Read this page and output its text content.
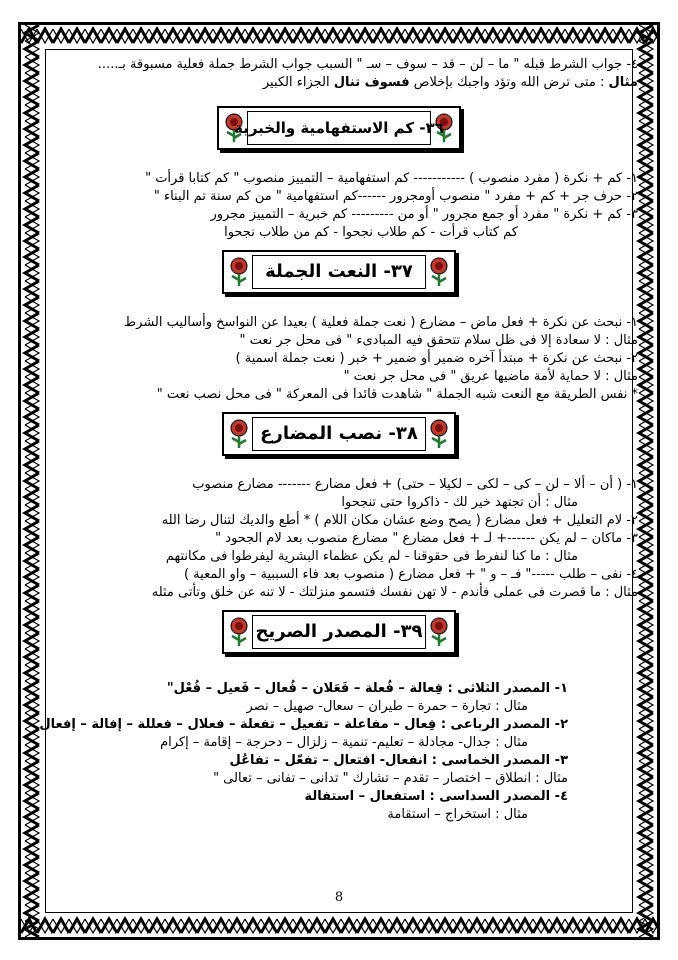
٤- جواب الشرط قبله " ما – لن – قد – سوف – سـ " السبب جواب الشرط جملة فعلية مسبوقة بـ.....
مثال : متى ترض الله وتؤد واجبك بإخلاص فسوف تنال الجزاء الكبير
٣٦- كم الاستفهامية والخبرية
١- كم + نكرة ( مفرد منصوب ) ----------- كم استفهامية – التمييز منصوب " كم كتابا قرأت "
٢- حرف جر + كم + مفرد " منصوب أومجرور ------كم استفهامية " من كم سنة تم البناء "
٣- كم + نكرة " مفرد أو جمع مجرور " أو من --------- كم خبرية – التمييز مجرور
كم كتاب قرأت - كم طلاب نجحوا - كم من طلاب نجحوا
٣٧- النعت الجملة
١- نبحث عن نكرة + فعل ماض – مضارع ( نعت جملة فعلية ) بعيدا عن النواسخ وأساليب الشرط
مثال : لا سعادة إلا فى ظل سلام تتحقق فيه المبادىء " فى محل جر نعت "
٢- نبحث عن نكرة + مبتدأ آخره ضمير أو ضمير + خبر ( نعت جملة اسمية )
مثال : لا حماية لأمة ماضيها عريق " فى محل جر نعت "
* نفس الطريقة مع النعت شبه الجملة " شاهدت قائدا فى المعركة " فى محل نصب نعت "
٣٨- نصب المضارع
١- ( أن – ألا – لن – كى – لكى – لكيلا – حتى) + فعل مضارع ------- مضارع منصوب
مثال : أن تجتهد خير لك - ذاكروا حتى تنجحوا
٢- لام التعليل + فعل مضارع ( يصح وضع عشان مكان اللام ) * أطع والديك لتنال رضا الله
٣- ماكان – لم يكن ------+ لـ + فعل مضارع " مضارع منصوب بعد لام الجحود "
مثال : ما كنا لنفرط فى حقوقنا - لم يكن عظماء البشرية ليفرطوا فى مكانتهم
٤- نفى – طلب -----" فـ – و " + فعل مضارع ( منصوب بعد فاء السببية – واو المعية )
مثال : ما قصرت فى عملى فأندم - لا تهن نفسك فتسمو منزلتك - لا تنه عن خلق وتأتى مثله
٣٩- المصدر الصريح
١- المصدر الثلاثى : فِعالة – فُعلة – فَعَلان – فُعال – فَعيل – فُعْل"
مثال : تجارة – حمرة – طيران – سعال- صهيل – نصر
٢- المصدر الرباعى : فِعال – مفاعلة – تفعيل – تفعلة – فعلال – فعللة – إفالة – إفعال
مثال : جدال- مجادلة – تعليم- تنمية – زلزال – دحرجة – إقامة – إكرام
٣- المصدر الخماسى : انفعال- افتعال – تفعّل – تفاعُل
مثال : انطلاق – اختصار – تقدم – تشارك " تدانى – تفانى – تعالى "
٤- المصدر السداسى : استفعال – استفالة
مثال : استخراج – استقامة
8
